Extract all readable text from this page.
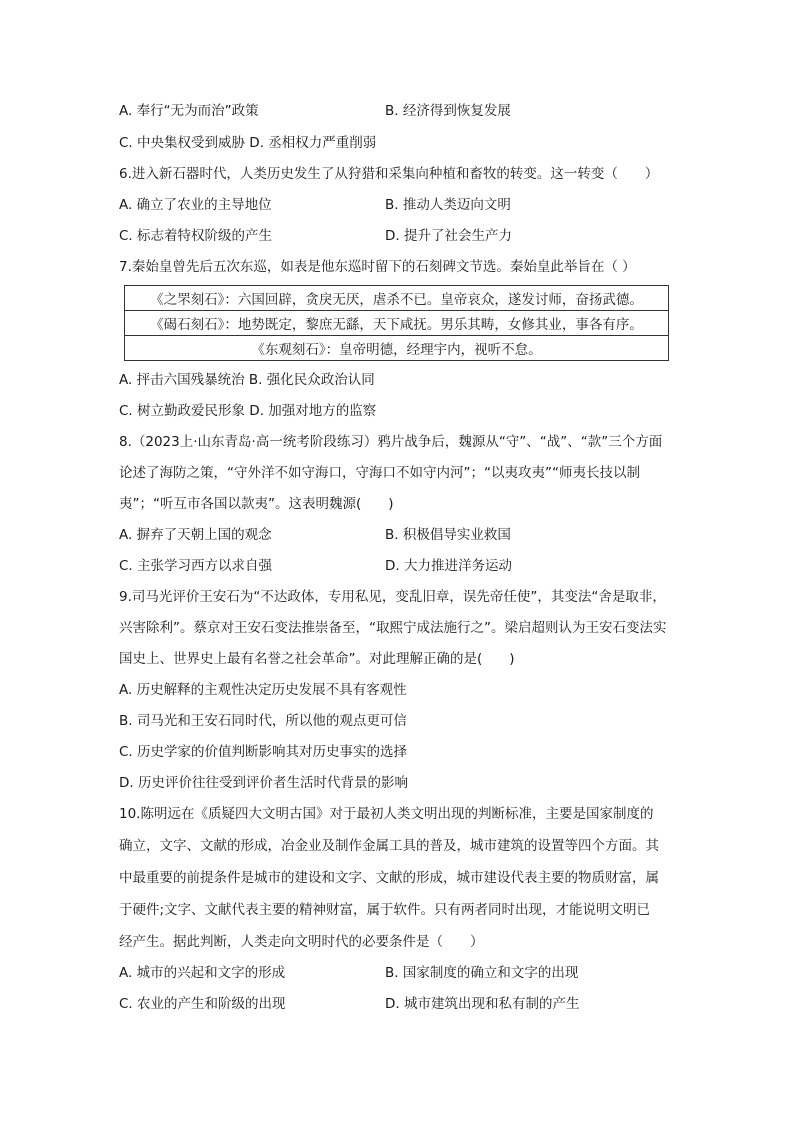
A. 奉行“无为而治”政策	B. 经济得到恢复发展
C. 中央集权受到威胁 D. 丞相权力严重削弱
6.进入新石器时代，人类历史发生了从狩猎和采集向种植和畜牧的转变。这一转变（　　）
A. 确立了农业的主导地位	B. 推动人类迈向文明
C. 标志着特权阶级的产生	D. 提升了社会生产力
7.秦始皇曾先后五次东巡，如表是他东巡时留下的石刻碑文节选。秦始皇此举旨在（ ）
《之罘刻石》：六国回辟，贪戾无厌，虐杀不已。皇帝哀众，遂发讨师，奋扬武德。
《碣石刻石》：地势既定，黎庶无繇，天下咸抚。男乐其畴，女修其业，事各有序。
《东观刻石》：皇帝明德，经理宇内，视听不怠。
A. 抨击六国残暴统治 B. 强化民众政治认同
C. 树立勤政爱民形象 D. 加强对地方的监察
8.（2023上·山东青岛·高一统考阶段练习）鸦片战争后，魏源从“守”、“战”、“款”三个方面
论述了海防之策，“守外洋不如守海口，守海口不如守内河”；“以夷攻夷”“师夷长技以制
夷”；“听互市各国以款夷”。这表明魏源(　　)
A. 摒弃了天朝上国的观念	B. 积极倡导实业救国
C. 主张学习西方以求自强	D. 大力推进洋务运动
9.司马光评价王安石为“不达政体，专用私见，变乱旧章，误先帝任使”，其变法“舍是取非，
兴害除利”。蔡京对王安石变法推崇备至，“取熙宁成法施行之”。梁启超则认为王安石变法实
国史上、世界史上最有名誉之社会革命”。对此理解正确的是(　　)
A. 历史解释的主观性决定历史发展不具有客观性
B. 司马光和王安石同时代，所以他的观点更可信
C. 历史学家的价值判断影响其对历史事实的选择
D. 历史评价往往受到评价者生活时代背景的影响
10.陈明远在《质疑四大文明古国》对于最初人类文明出现的判断标准，主要是国家制度的
确立，文字、文献的形成，冶金业及制作金属工具的普及，城市建筑的设置等四个方面。其
中最重要的前提条件是城市的建设和文字、文献的形成，城市建设代表主要的物质财富，属
于硬件;文字、文献代表主要的精神财富，属于软件。只有两者同时出现，才能说明文明已
经产生。据此判断，人类走向文明时代的必要条件是（　　）
A. 城市的兴起和文字的形成	B. 国家制度的确立和文字的出现
C. 农业的产生和阶级的出现	D. 城市建筑出现和私有制的产生
